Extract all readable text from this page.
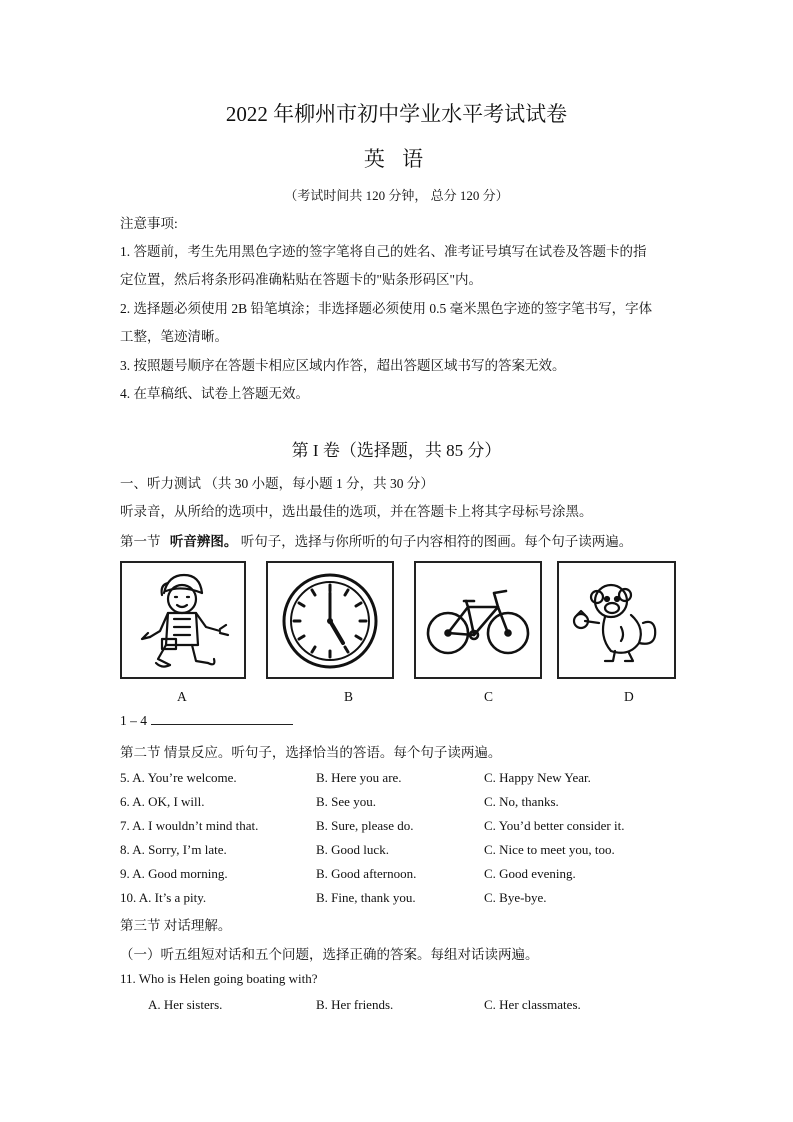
2022 年柳州市初中学业水平考试试卷
英 语
（考试时间共 120 分钟， 总分 120 分）
注意事项:
1. 答题前，考生先用黑色字迹的签字笔将自己的姓名、准考证号填写在试卷及答题卡的指
定位置，然后将条形码准确粘贴在答题卡的"贴条形码区"内。
2. 选择题必须使用 2B 铅笔填涂；非选择题必须使用 0.5 毫米黑色字迹的签字笔书写，字体
工整，笔迹清晰。
3. 按照题号顺序在答题卡相应区域内作答，超出答题区域书写的答案无效。
4. 在草稿纸、试卷上答题无效。
第 I 卷（选择题，共 85 分）
一、听力测试 （共 30 小题，每小题 1 分，共 30 分）
听录音，从所给的选项中，选出最佳的选项，并在答题卡上将其字母标号涂黑。
第一节 听音辨图。 听句子，选择与你所听的句子内容相符的图画。每个句子读两遍。
A	B	C	D
1 – 4
第二节 情景反应。听句子，选择恰当的答语。每个句子读两遍。
5. A. You’re welcome.	B. Here you are.	C. Happy New Year.
6. A. OK, I will.	B. See you.	C. No, thanks.
7. A. I wouldn’t mind that.	B. Sure, please do.	C. You’d better consider it.
8. A. Sorry, I’m late.	B. Good luck.	C. Nice to meet you, too.
9. A. Good morning.	B. Good afternoon.	C. Good evening.
10. A. It’s a pity.	B. Fine, thank you.	C. Bye-bye.
第三节 对话理解。
（一）听五组短对话和五个问题，选择正确的答案。每组对话读两遍。
11. Who is Helen going boating with?
A. Her sisters.	B. Her friends.	C. Her classmates.
